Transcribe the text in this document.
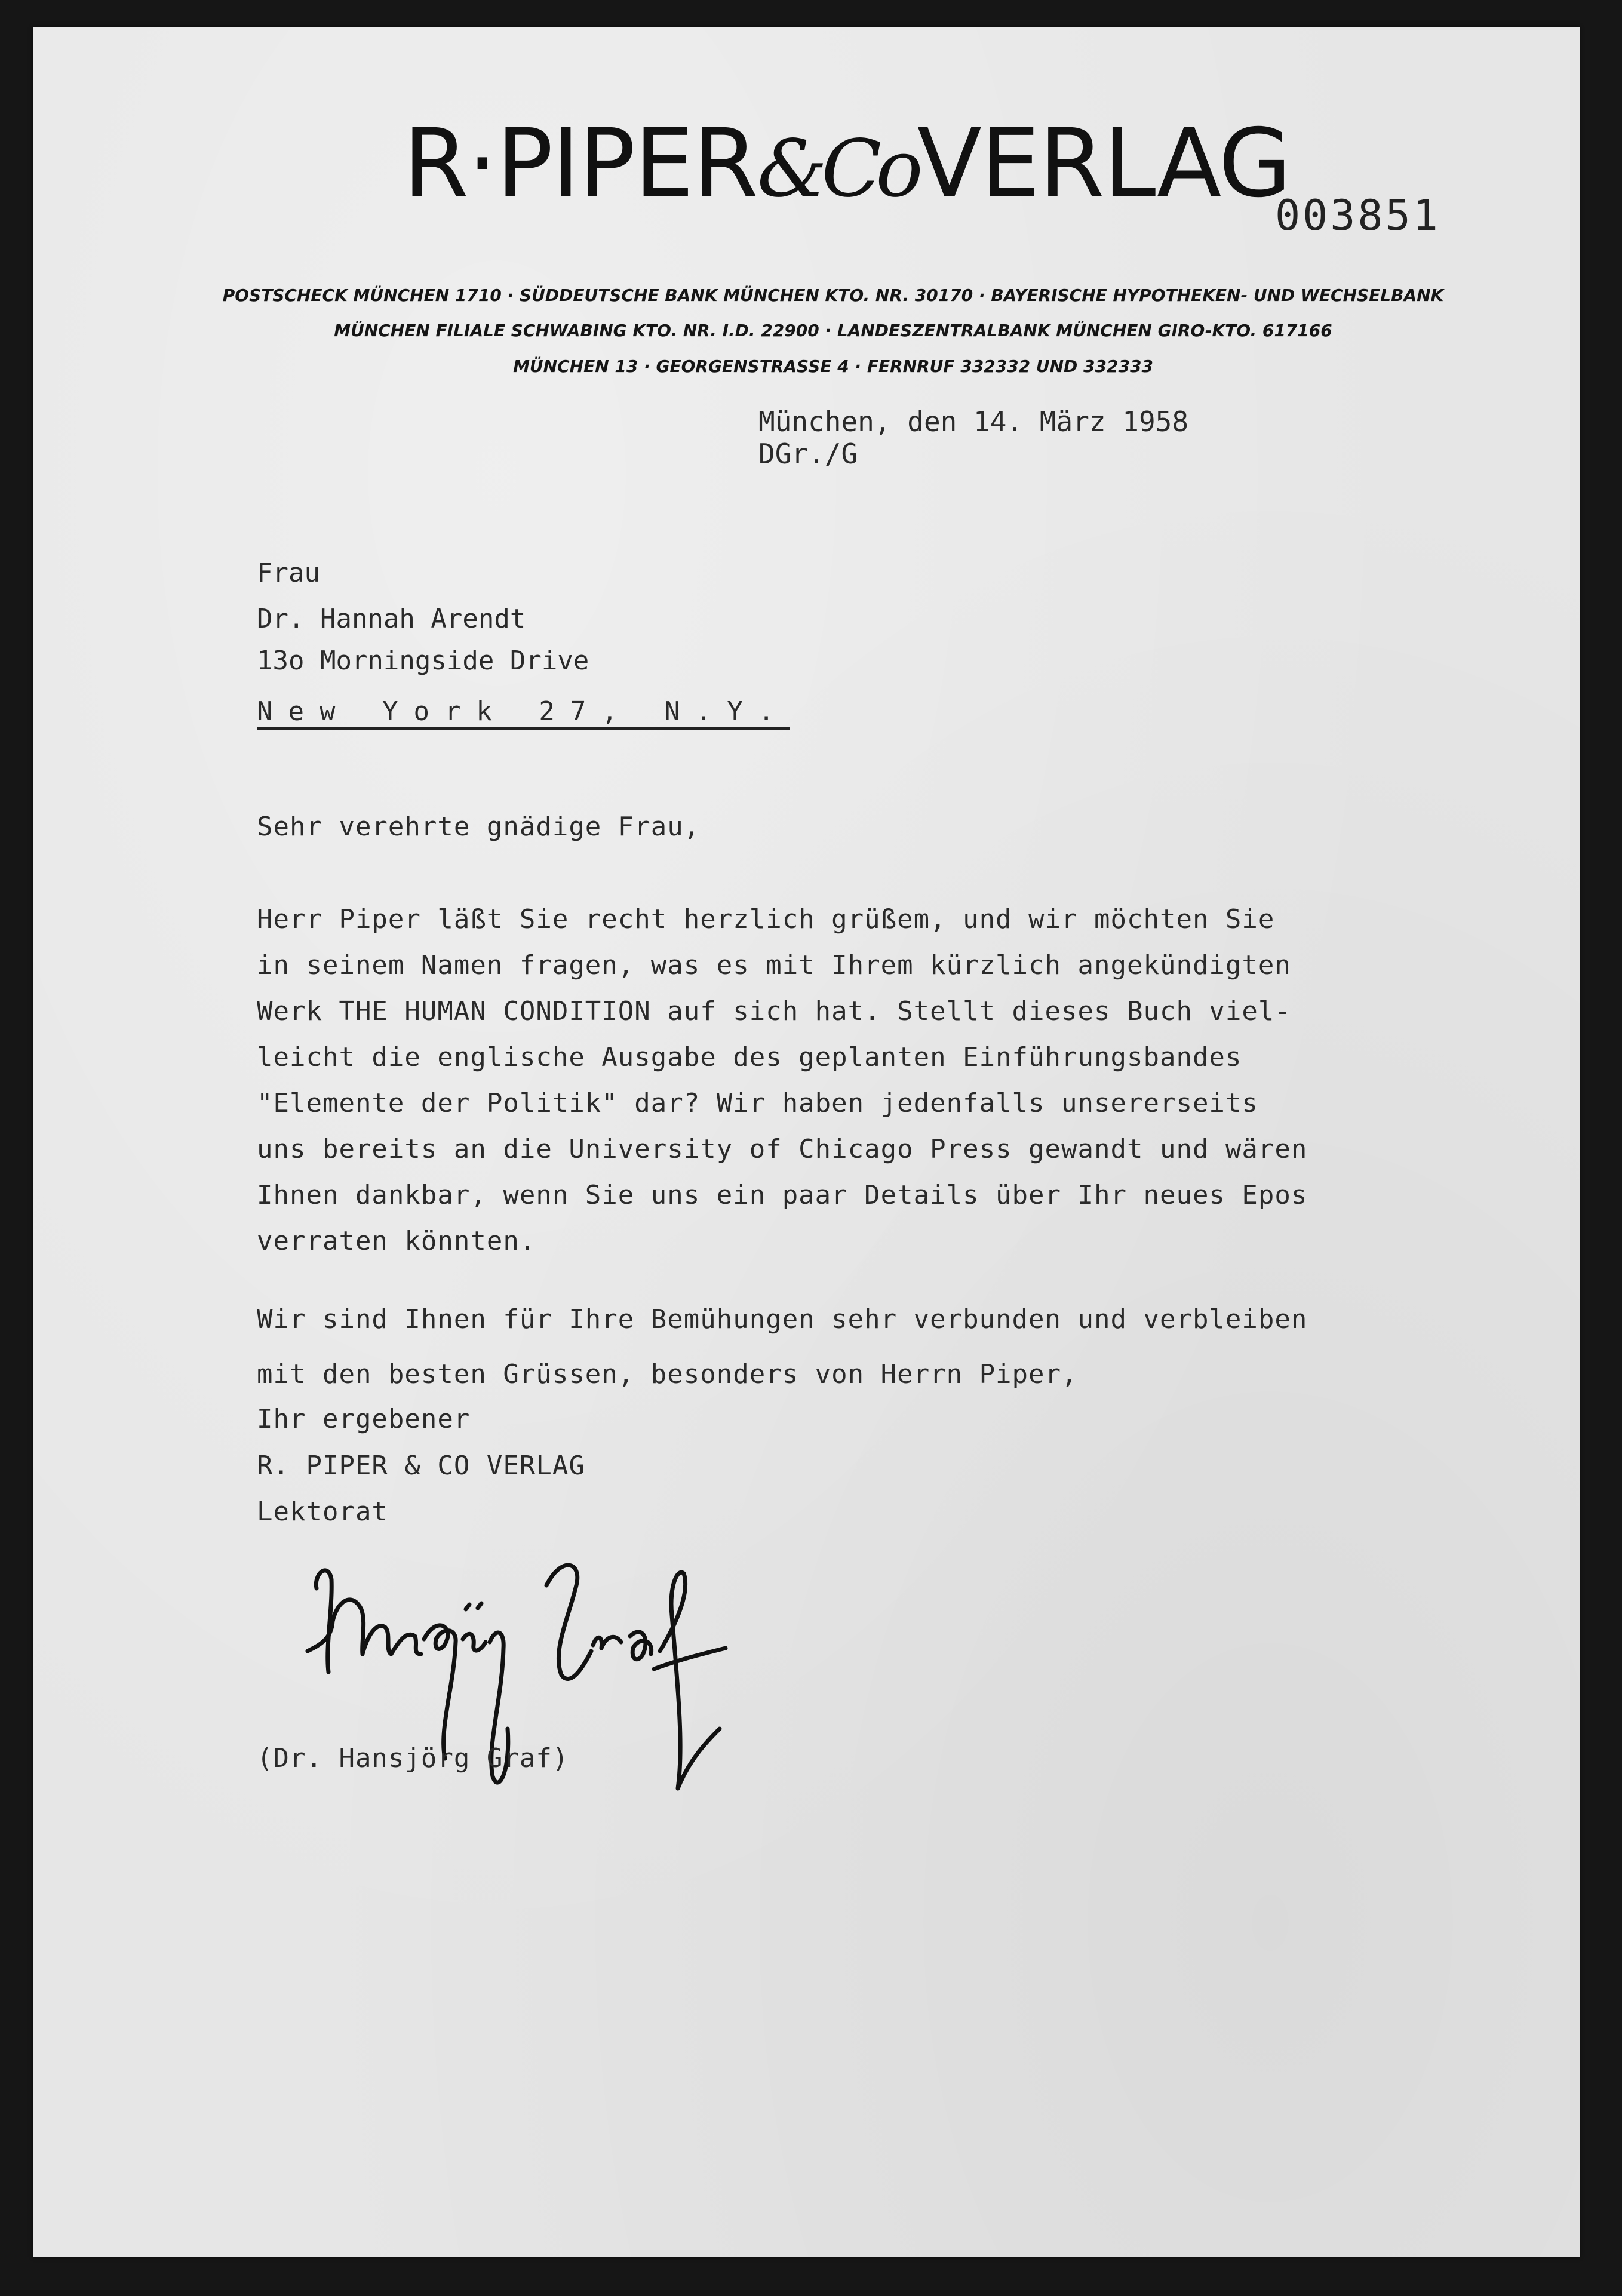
R·PIPER&CoVERLAG
003851
POSTSCHECK MÜNCHEN 1710 · SÜDDEUTSCHE BANK MÜNCHEN KTO. NR. 30170 · BAYERISCHE HYPOTHEKEN- UND WECHSELBANK
MÜNCHEN FILIALE SCHWABING KTO. NR. I.D. 22900 · LANDESZENTRALBANK MÜNCHEN GIRO-KTO. 617166
MÜNCHEN 13 · GEORGENSTRASSE 4 · FERNRUF 332332 UND 332333
München, den 14. März 1958
DGr./G
Frau
Dr. Hannah Arendt
13o Morningside Drive
New York 27, N.Y.
Sehr verehrte gnädige Frau,
Herr Piper läßt Sie recht herzlich grüßem, und wir möchten Sie
in seinem Namen fragen, was es mit Ihrem kürzlich angekündigten
Werk THE HUMAN CONDITION auf sich hat. Stellt dieses Buch viel-
leicht die englische Ausgabe des geplanten Einführungsbandes
"Elemente der Politik" dar? Wir haben jedenfalls unsererseits
uns bereits an die University of Chicago Press gewandt und wären
Ihnen dankbar, wenn Sie uns ein paar Details über Ihr neues Epos
verraten könnten.
Wir sind Ihnen für Ihre Bemühungen sehr verbunden und verbleiben
mit den besten Grüssen, besonders von Herrn Piper,
Ihr ergebener
R. PIPER & CO VERLAG
Lektorat
(Dr. Hansjörg Graf)
